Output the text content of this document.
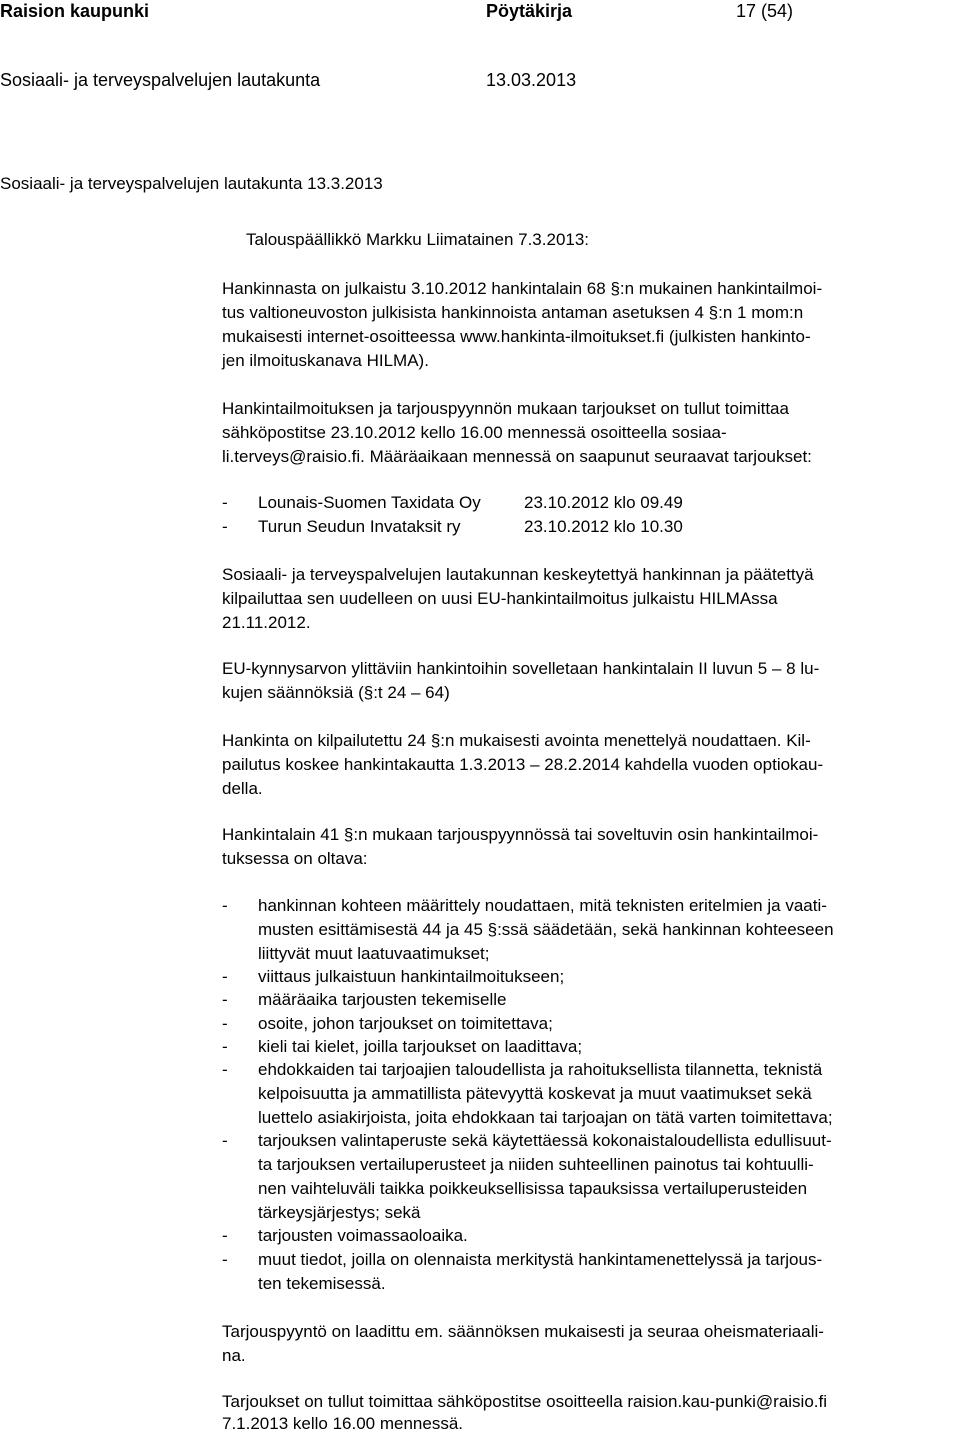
Raision kaupunki	Pöytäkirja	17 (54)
Sosiaali- ja terveyspalvelujen lautakunta	13.03.2013
Sosiaali- ja terveyspalvelujen lautakunta 13.3.2013
Talouspäällikkö Markku Liimatainen 7.3.2013:
Hankinnasta on julkaistu 3.10.2012 hankintalain 68 §:n mukainen hankintailmoi-
tus valtioneuvoston julkisista hankinnoista antaman asetuksen 4 §:n 1 mom:n
mukaisesti internet-osoitteessa www.hankinta-ilmoitukset.fi (julkisten hankinto-
jen ilmoituskanava HILMA).
Hankintailmoituksen ja tarjouspyynnön mukaan tarjoukset on tullut toimittaa
sähköpostitse 23.10.2012 kello 16.00 mennessä osoitteella sosiaa-
li.terveys@raisio.fi. Määräaikaan mennessä on saapunut seuraavat tarjoukset:
- Lounais-Suomen Taxidata Oy	23.10.2012 klo 09.49
- Turun Seudun Invataksit ry	23.10.2012 klo 10.30
Sosiaali- ja terveyspalvelujen lautakunnan keskeytettyä hankinnan ja päätettyä
kilpailuttaa sen uudelleen on uusi EU-hankintailmoitus julkaistu HILMAssa
21.11.2012.
EU-kynnysarvon ylittäviin hankintoihin sovelletaan hankintalain II luvun 5 – 8 lu-
kujen säännöksiä (§:t 24 – 64)
Hankinta on kilpailutettu 24 §:n mukaisesti avointa menettelyä noudattaen. Kil-
pailutus koskee hankintakautta 1.3.2013 – 28.2.2014 kahdella vuoden optiokau-
della.
Hankintalain 41 §:n mukaan tarjouspyynnössä tai soveltuvin osin hankintailmoi-
tuksessa on oltava:
- hankinnan kohteen määrittely noudattaen, mitä teknisten eritelmien ja vaati-
musten esittämisestä 44 ja 45 §:ssä säädetään, sekä hankinnan kohteeseen
liittyvät muut laatuvaatimukset;
- viittaus julkaistuun hankintailmoitukseen;
- määräaika tarjousten tekemiselle
- osoite, johon tarjoukset on toimitettava;
- kieli tai kielet, joilla tarjoukset on laadittava;
- ehdokkaiden tai tarjoajien taloudellista ja rahoituksellista tilannetta, teknistä
kelpoisuutta ja ammatillista pätevyyttä koskevat ja muut vaatimukset sekä
luettelo asiakirjoista, joita ehdokkaan tai tarjoajan on tätä varten toimitettava;
- tarjouksen valintaperuste sekä käytettäessä kokonaistaloudellista edullisuut-
ta tarjouksen vertailuperusteet ja niiden suhteellinen painotus tai kohtuulli-
nen vaihteluväli taikka poikkeuksellisissa tapauksissa vertailuperusteiden
tärkeysjärjestys; sekä
- tarjousten voimassaoloaika.
- muut tiedot, joilla on olennaista merkitystä hankintamenettelyssä ja tarjous-
ten tekemisessä.
Tarjouspyyntö on laadittu em. säännöksen mukaisesti ja seuraa oheismateriaali-
na.
Tarjoukset on tullut toimittaa sähköpostitse osoitteella raision.kau-punki@raisio.fi
7.1.2013 kello 16.00 mennessä.
